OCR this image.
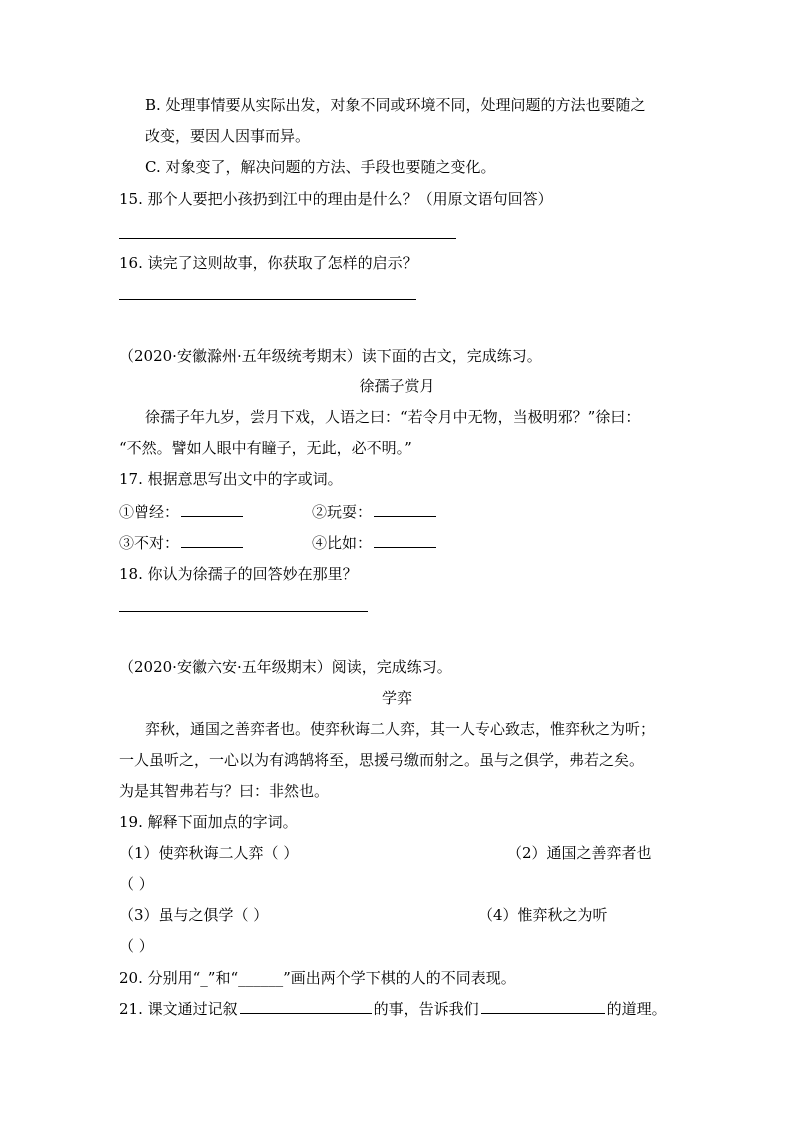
B. 处理事情要从实际出发，对象不同或环境不同，处理问题的方法也要随之
改变，要因人因事而异。
C. 对象变了，解决问题的方法、手段也要随之变化。
15. 那个人要把小孩扔到江中的理由是什么？（用原文语句回答）
16. 读完了这则故事，你获取了怎样的启示？
（2020·安徽滁州·五年级统考期末）读下面的古文，完成练习。
徐孺子赏月
徐孺子年九岁，尝月下戏，人语之曰：“若令月中无物，当极明邪？”徐曰：
“不然。譬如人眼中有瞳子，无此，必不明。”
17. 根据意思写出文中的字或词。
①曾经：	②玩耍：
③不对：	④比如：
18. 你认为徐孺子的回答妙在那里？
（2020·安徽六安·五年级期末）阅读，完成练习。
学弈
弈秋，通国之善弈者也。使弈秋诲二人弈，其一人专心致志，惟弈秋之为听；
一人虽听之，一心以为有鸿鹄将至，思援弓缴而射之。虽与之俱学，弗若之矣。
为是其智弗若与？曰：非然也。
19. 解释下面加点的字词。
（1）使弈秋诲二人弈（ ）	（2）通国之善弈者也
（ ）
（3）虽与之俱学（ ）	（4）惟弈秋之为听
（ ）
20. 分别用“_”和“______”画出两个学下棋的人的不同表现。
21. 课文通过记叙	的事，告诉我们	的道理。
